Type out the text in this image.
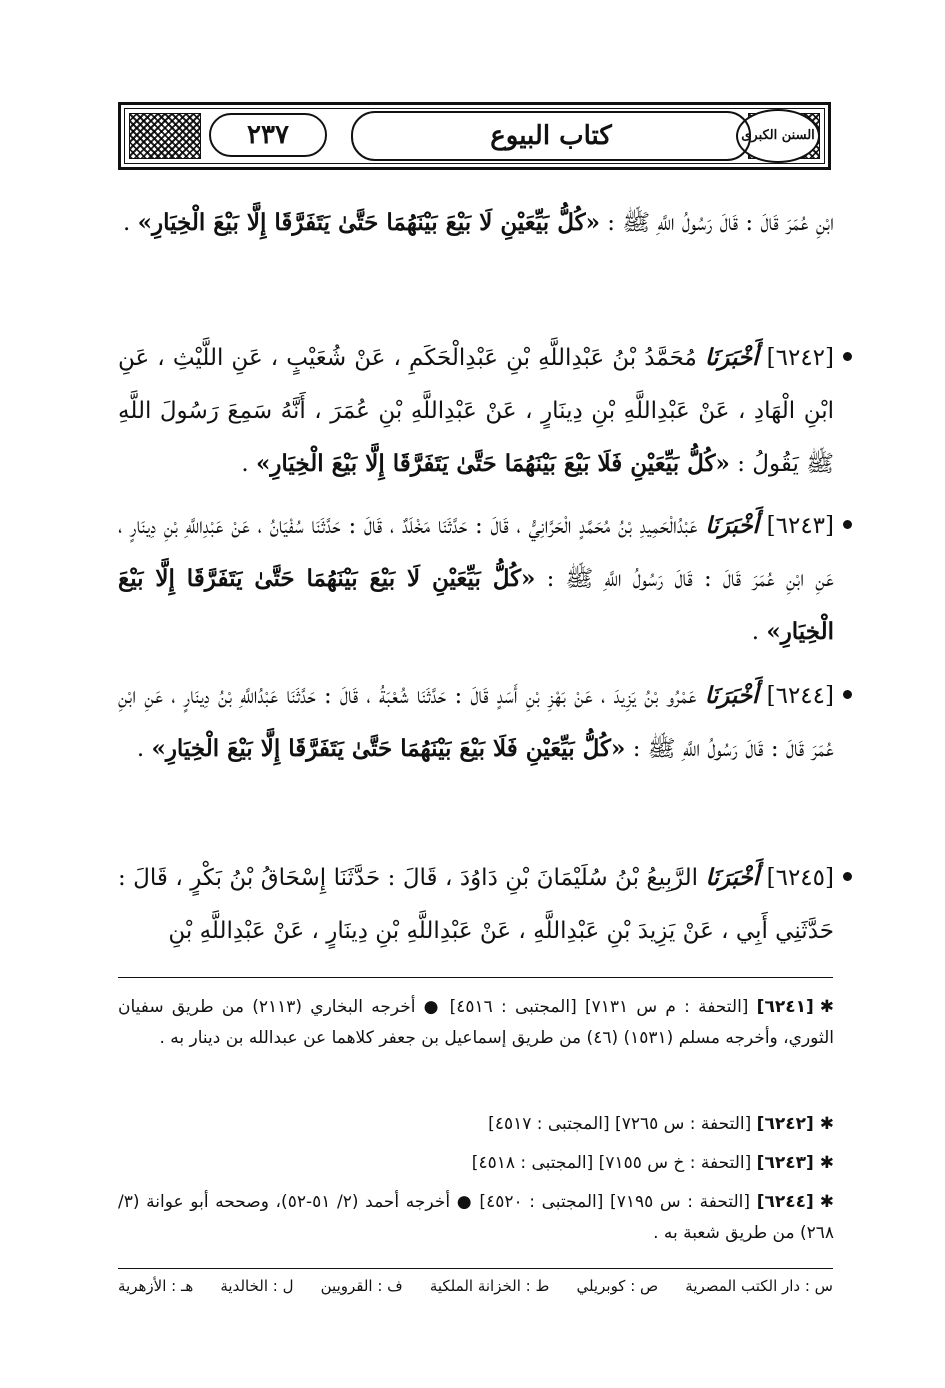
السنن الكبرى
كتاب البيوع
٢٣٧
ابْنِ عُمَرَ قَالَ : قَالَ رَسُولُ اللَّهِ ﷺ : «كُلُّ بَيِّعَيْنِ لَا بَيْعَ بَيْنَهُمَا حَتَّىٰ يَتَفَرَّقَا إِلَّا بَيْعَ الْخِيَارِ» .
[٦٢٤٢] أَخْبَرَنَا مُحَمَّدُ بْنُ عَبْدِاللَّهِ بْنِ عَبْدِالْحَكَمِ ، عَنْ شُعَيْبٍ ، عَنِ اللَّيْثِ ، عَنِ ابْنِ الْهَادِ ، عَنْ عَبْدِاللَّهِ بْنِ دِينَارٍ ، عَنْ عَبْدِاللَّهِ بْنِ عُمَرَ ، أَنَّهُ سَمِعَ رَسُولَ اللَّهِ ﷺ يَقُولُ : «كُلُّ بَيِّعَيْنِ فَلَا بَيْعَ بَيْنَهُمَا حَتَّىٰ يَتَفَرَّقَا إِلَّا بَيْعَ الْخِيَارِ» .
[٦٢٤٣] أَخْبَرَنَا عَبْدُالْحَمِيدِ بْنُ مُحَمَّدٍ الْحَرَّانِيُّ ، قَالَ : حَدَّثَنَا مَخْلَدٌ ، قَالَ : حَدَّثَنَا سُفْيَانُ ، عَنْ عَبْدِاللَّهِ بْنِ دِينَارٍ ، عَنِ ابْنِ عُمَرَ قَالَ : قَالَ رَسُولُ اللَّهِ ﷺ : «كُلُّ بَيِّعَيْنِ لَا بَيْعَ بَيْنَهُمَا حَتَّىٰ يَتَفَرَّقَا إِلَّا بَيْعَ الْخِيَارِ» .
[٦٢٤٤] أَخْبَرَنَا عَمْرُو بْنُ يَزِيدَ ، عَنْ بَهْزِ بْنِ أَسَدٍ قَالَ : حَدَّثَنَا شُعْبَةُ ، قَالَ : حَدَّثَنَا عَبْدُاللَّهِ بْنُ دِينَارٍ ، عَنِ ابْنِ عُمَرَ قَالَ : قَالَ رَسُولُ اللَّهِ ﷺ : «كُلُّ بَيِّعَيْنِ فَلَا بَيْعَ بَيْنَهُمَا حَتَّىٰ يَتَفَرَّقَا إِلَّا بَيْعَ الْخِيَارِ» .
[٦٢٤٥] أَخْبَرَنَا الرَّبِيعُ بْنُ سُلَيْمَانَ بْنِ دَاوُدَ ، قَالَ : حَدَّثَنَا إِسْحَاقُ بْنُ بَكْرٍ ، قَالَ : حَدَّثَنِي أَبِي ، عَنْ يَزِيدَ بْنِ عَبْدِاللَّهِ ، عَنْ عَبْدِاللَّهِ بْنِ دِينَارٍ ، عَنْ عَبْدِاللَّهِ بْنِ
✱[٦٢٤١] [التحفة : م س ٧١٣١] [المجتبى : ٤٥١٦] ● أخرجه البخاري (٢١١٣) من طريق سفيان الثوري، وأخرجه مسلم (١٥٣١) (٤٦) من طريق إسماعيل بن جعفر كلاهما عن عبدالله بن دينار به .
✱[٦٢٤٢] [التحفة : س ٧٢٦٥] [المجتبى : ٤٥١٧]
✱[٦٢٤٣] [التحفة : خ س ٧١٥٥] [المجتبى : ٤٥١٨]
✱[٦٢٤٤] [التحفة : س ٧١٩٥] [المجتبى : ٤٥٢٠] ● أخرجه أحمد (٢/ ٥١-٥٢)، وصححه أبو عوانة (٣/ ٢٦٨) من طريق شعبة به .
س : دار الكتب المصرية
ص : كوبريلي
ط : الخزانة الملكية
ف : القرويين
ل : الخالدية
هـ : الأزهرية
